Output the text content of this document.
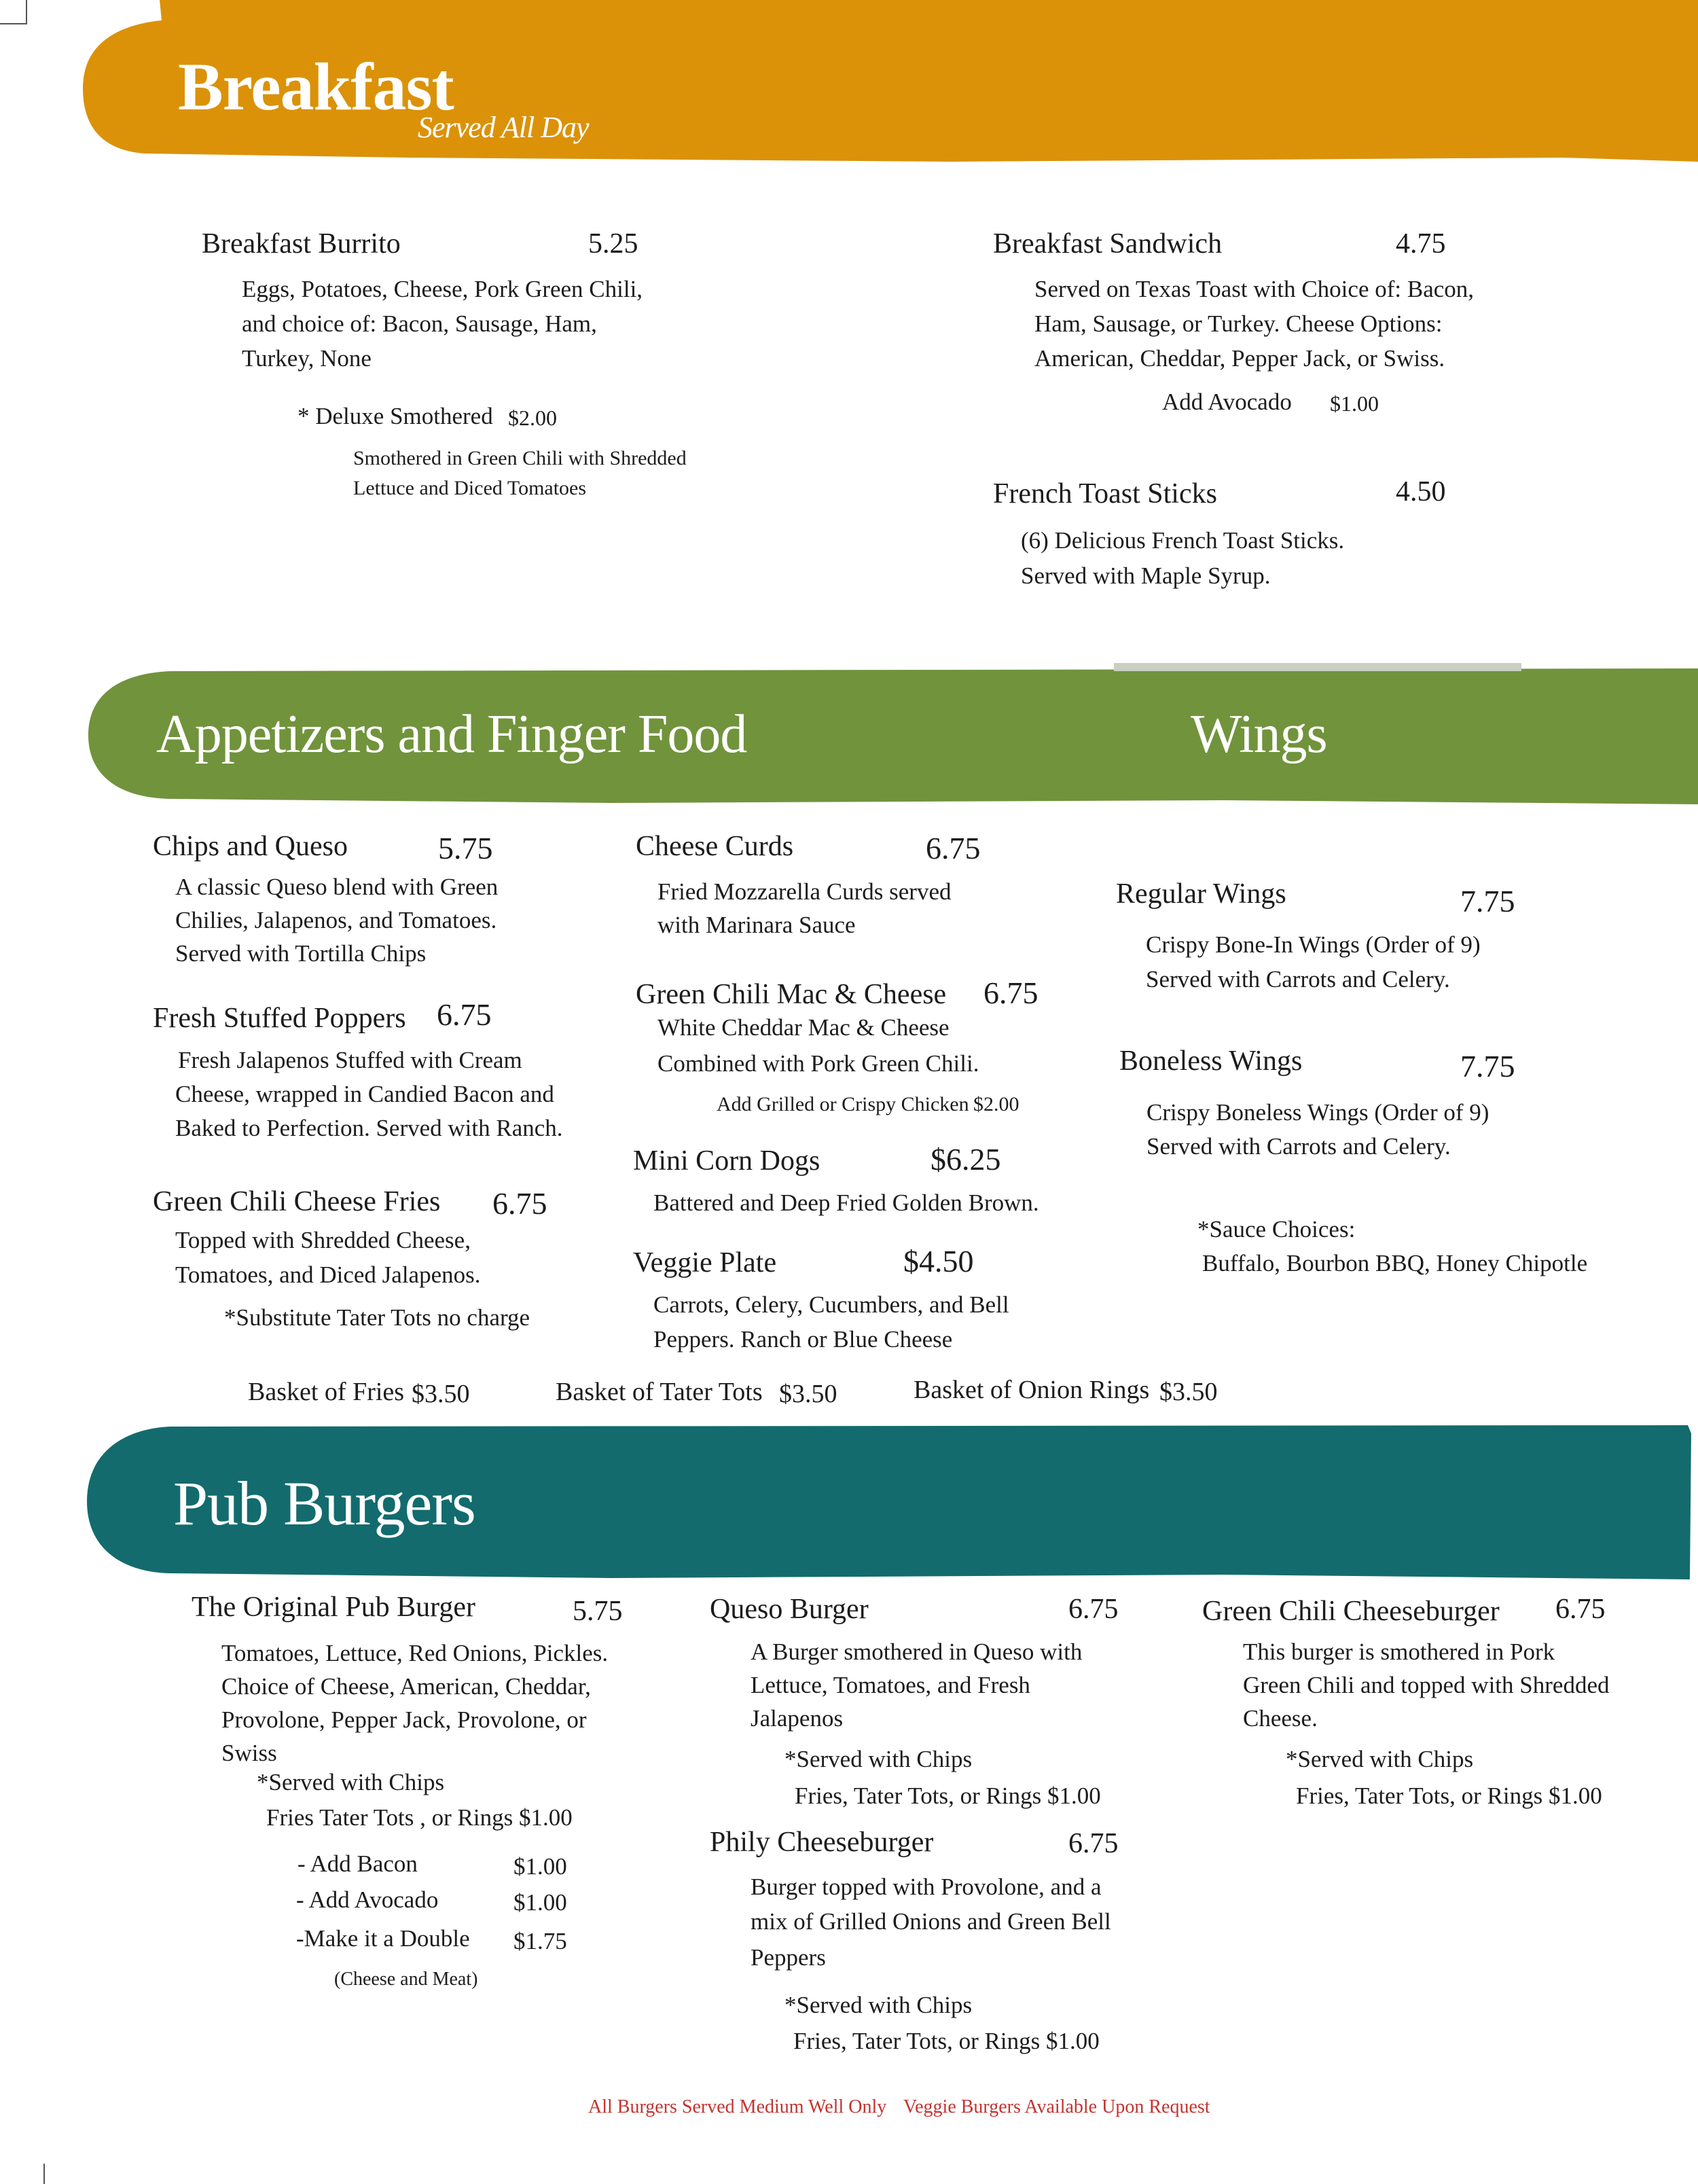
Breakfast
Served All Day
Breakfast Burrito	5.25
Eggs, Potatoes, Cheese, Pork Green Chili,
and choice of: Bacon, Sausage, Ham,
Turkey, None
* Deluxe Smothered $2.00
Smothered in Green Chili with Shredded
Lettuce and Diced Tomatoes
Breakfast Sandwich	4.75
Served on Texas Toast with Choice of: Bacon,
Ham, Sausage, or Turkey. Cheese Options:
American, Cheddar, Pepper Jack, or Swiss.
Add Avocado $1.00
French Toast Sticks	4.50
(6) Delicious French Toast Sticks.
Served with Maple Syrup.
Appetizers and Finger Food	Wings
Chips and Queso	5.75
A classic Queso blend with Green
Chilies, Jalapenos, and Tomatoes.
Served with Tortilla Chips
Fresh Stuffed Poppers 6.75
Fresh Jalapenos Stuffed with Cream
Cheese, wrapped in Candied Bacon and
Baked to Perfection. Served with Ranch.
Green Chili Cheese Fries 6.75
Topped with Shredded Cheese,
Tomatoes, and Diced Jalapenos.
*Substitute Tater Tots no charge
Cheese Curds	6.75
Fried Mozzarella Curds served
with Marinara Sauce
Green Chili Mac & Cheese 6.75
White Cheddar Mac & Cheese
Combined with Pork Green Chili.
Add Grilled or Crispy Chicken $2.00
Mini Corn Dogs	$6.25
Battered and Deep Fried Golden Brown.
Veggie Plate	$4.50
Carrots, Celery, Cucumbers, and Bell
Peppers. Ranch or Blue Cheese
Regular Wings	7.75
Crispy Bone-In Wings (Order of 9)
Served with Carrots and Celery.
Boneless Wings	7.75
Crispy Boneless Wings (Order of 9)
Served with Carrots and Celery.
*Sauce Choices:
Buffalo, Bourbon BBQ, Honey Chipotle
Basket of Fries $3.50	Basket of Tater Tots $3.50	Basket of Onion Rings $3.50
Pub Burgers
The Original Pub Burger	5.75
Tomatoes, Lettuce, Red Onions, Pickles.
Choice of Cheese, American, Cheddar,
Provolone, Pepper Jack, Provolone, or
Swiss
*Served with Chips
Fries Tater Tots , or Rings $1.00
- Add Bacon	$1.00
- Add Avocado	$1.00
-Make it a Double $1.75
(Cheese and Meat)
Queso Burger	6.75
A Burger smothered in Queso with
Lettuce, Tomatoes, and Fresh
Jalapenos
*Served with Chips
Fries, Tater Tots, or Rings $1.00
Phily Cheeseburger	6.75
Burger topped with Provolone, and a
mix of Grilled Onions and Green Bell
Peppers
*Served with Chips
Fries, Tater Tots, or Rings $1.00
Green Chili Cheeseburger 6.75
This burger is smothered in Pork
Green Chili and topped with Shredded
Cheese.
*Served with Chips
Fries, Tater Tots, or Rings $1.00
All Burgers Served Medium Well Only Veggie Burgers Available Upon Request
